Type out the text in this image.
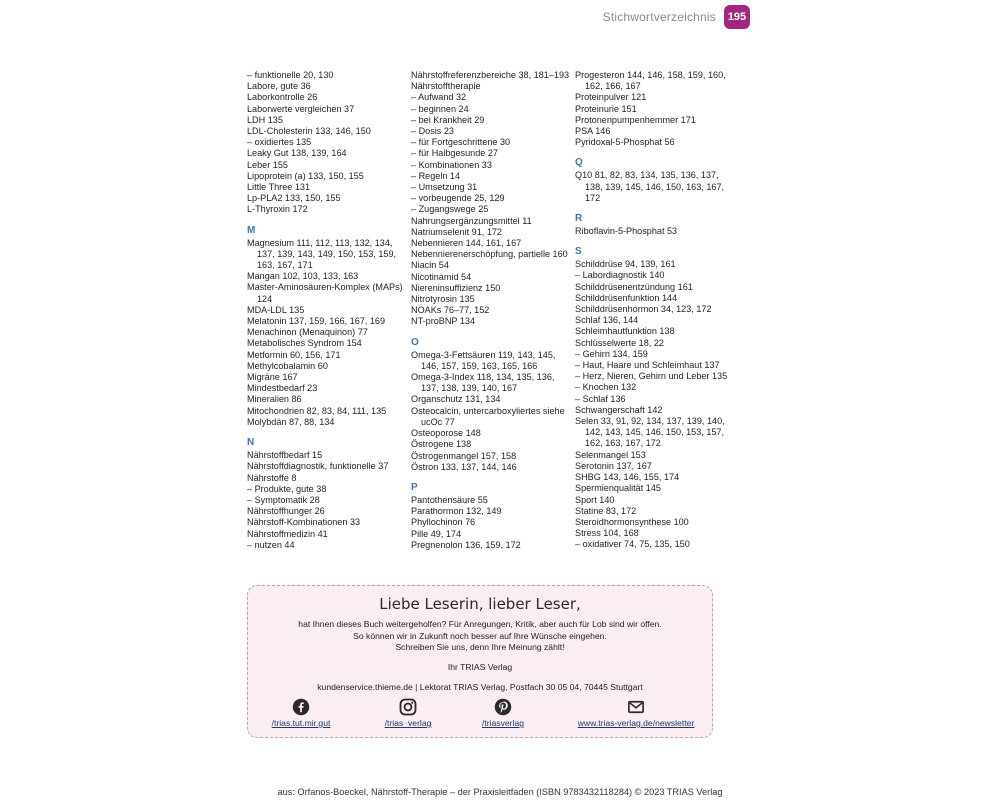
Stichwortverzeichnis	195
– funktionelle 20, 130
Labore, gute 36
Laborkontrolle 26
Laborwerte vergleichen 37
LDH 135
LDL-Cholesterin 133, 146, 150
– oxidiertes 135
Leaky Gut 138, 139, 164
Leber 155
Lipoprotein (a) 133, 150, 155
Little Three 131
Lp-PLA2 133, 150, 155
L-Thyroxin 172
M
Magnesium 111, 112, 113, 132, 134, 137, 139, 143, 149, 150, 153, 159, 163, 167, 171
Mangan 102, 103, 133, 163
Master-Aminosäuren-Komplex (MAPs) 124
MDA-LDL 135
Melatonin 137, 159, 166, 167, 169
Menachinon (Menaquinon) 77
Metabolisches Syndrom 154
Metformin 60, 156, 171
Methylcobalamin 60
Migräne 167
Mindestbedarf 23
Mineralien 86
Mitochondrien 82, 83, 84, 111, 135
Molybdän 87, 88, 134
N
Nährstoffbedarf 15
Nährstoffdiagnostik, funktionelle 37
Nährstoffe 8
– Produkte, gute 38
– Symptomatik 28
Nährstoffhunger 26
Nährstoff-Kombinationen 33
Nährstoffmedizin 41
– nutzen 44
Nährstoffreferenzbereiche 38, 181–193
Nährstofftherapie
– Aufwand 32
– beginnen 24
– bei Krankheit 29
– Dosis 23
– für Fortgeschrittene 30
– für Halbgesunde 27
– Kombinationen 33
– Regeln 14
– Umsetzung 31
– vorbeugende 25, 129
– Zugangswege 25
Nahrungsergänzungsmittel 11
Natriumselenit 91, 172
Nebennieren 144, 161, 167
Nebennierenerschöpfung, partielle 160
Niacin 54
Nicotinamid 54
Niereninsuffizienz 150
Nitrotyrosin 135
NOAKs 76–77, 152
NT-proBNP 134
O
Omega-3-Fettsäuren 119, 143, 145, 146, 157, 159, 163, 165, 166
Omega-3-Index 118, 134, 135, 136, 137, 138, 139, 140, 167
Organschutz 131, 134
Osteocalcin, untercarboxyliertes siehe ucOc 77
Osteoporose 148
Östrogene 138
Östrogenmangel 157, 158
Östron 133, 137, 144, 146
P
Pantothensäure 55
Parathormon 132, 149
Phyllochinon 76
Pille 49, 174
Pregnenolon 136, 159, 172
Progesteron 144, 146, 158, 159, 160, 162, 166, 167
Proteinpulver 121
Proteinurie 151
Protonenpumpenhemmer 171
PSA 146
Pyridoxal-5-Phosphat 56
Q
Q10 81, 82, 83, 134, 135, 136, 137, 138, 139, 145, 146, 150, 163, 167, 172
R
Riboflavin-5-Phosphat 53
S
Schilddrüse 94, 139, 161
– Labordiagnostik 140
Schilddrüsenentzündung 161
Schilddrüsenfunktion 144
Schilddrüsenhormon 34, 123, 172
Schlaf 136, 144
Schleimhautfunktion 138
Schlüsselwerte 18, 22
– Gehirn 134, 159
– Haut, Haare und Schleimhaut 137
– Herz, Nieren, Gehirn und Leber 135
– Knochen 132
– Schlaf 136
Schwangerschaft 142
Selen 33, 91, 92, 134, 137, 139, 140, 142, 143, 145, 146, 150, 153, 157, 162, 163, 167, 172
Selenmangel 153
Serotonin 137, 167
SHBG 143, 146, 155, 174
Spermienqualität 145
Sport 140
Statine 83, 172
Steroidhormonsynthese 100
Stress 104, 168
– oxidativer 74, 75, 135, 150
Liebe Leserin, lieber Leser,
hat Ihnen dieses Buch weitergeholfen? Für Anregungen, Kritik, aber auch für Lob sind wir offen.
So können wir in Zukunft noch besser auf Ihre Wünsche eingehen.
Schreiben Sie uns, denn Ihre Meinung zählt!
Ihr TRIAS Verlag
kundenservice.thieme.de | Lektorat TRIAS Verlag, Postfach 30 05 04, 70445 Stuttgart
/trias.tut.mir.gut	/trias_verlag	/triasverlag	www.trias-verlag.de/newsletter
aus: Orfanos-Boeckel, Nährstoff-Therapie – der Praxisleitfaden (ISBN 9783432118284) © 2023 TRIAS Verlag
